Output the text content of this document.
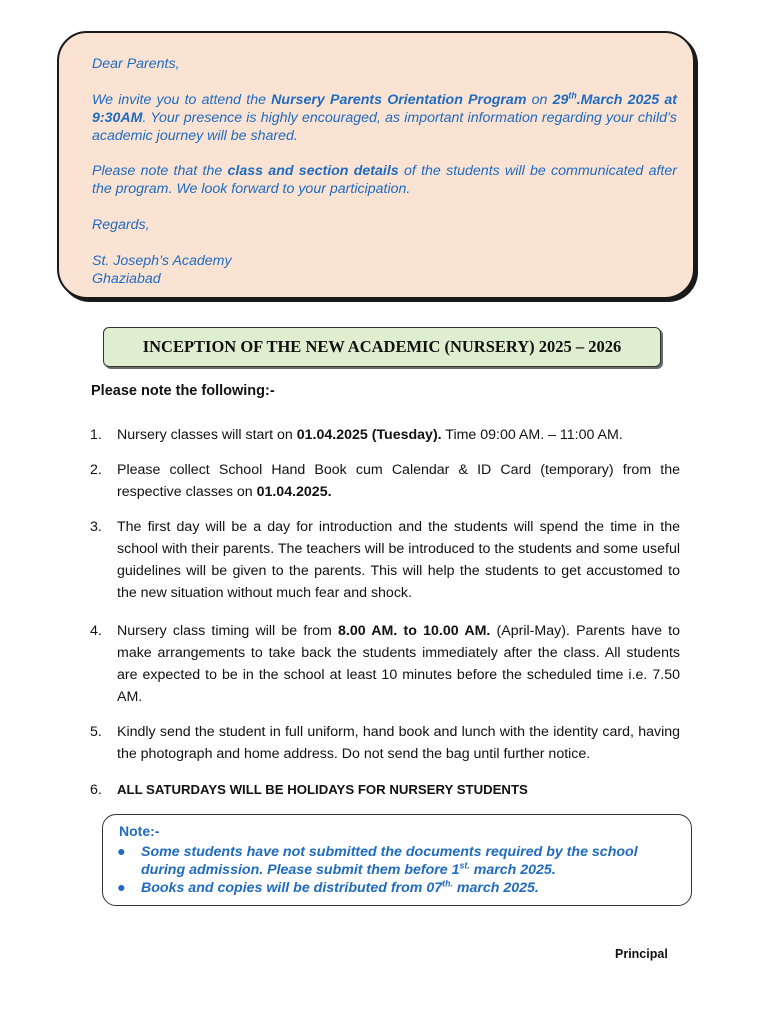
Dear Parents,

We invite you to attend the Nursery Parents Orientation Program on 29th.March 2025 at 9:30AM. Your presence is highly encouraged, as important information regarding your child’s academic journey will be shared.

Please note that the class and section details of the students will be communicated after the program. We look forward to your participation.

Regards,

St. Joseph’s Academy

Ghaziabad

INCEPTION OF THE NEW ACADEMIC (NURSERY) 2025 – 2026
Please note the following:-
1. Nursery classes will start on 01.04.2025 (Tuesday). Time 09:00 AM. – 11:00 AM.
2. Please collect School Hand Book cum Calendar & ID Card (temporary) from the respective classes on 01.04.2025.
3. The first day will be a day for introduction and the students will spend the time in the school with their parents. The teachers will be introduced to the students and some useful guidelines will be given to the parents. This will help the students to get accustomed to the new situation without much fear and shock.
4. Nursery class timing will be from 8.00 AM. to 10.00 AM. (April-May). Parents have to make arrangements to take back the students immediately after the class. All students are expected to be in the school at least 10 minutes before the scheduled time i.e. 7.50 AM.
5. Kindly send the student in full uniform, hand book and lunch with the identity card, having the photograph and home address. Do not send the bag until further notice.
6. ALL SATURDAYS WILL BE HOLIDAYS FOR NURSERY STUDENTS
Note:-
● Some students have not submitted the documents required by the school during admission. Please submit them before $1^{st.}$ march 2025.
● Books and copies will be distributed from $07^{th.}$ march 2025.
Principal
